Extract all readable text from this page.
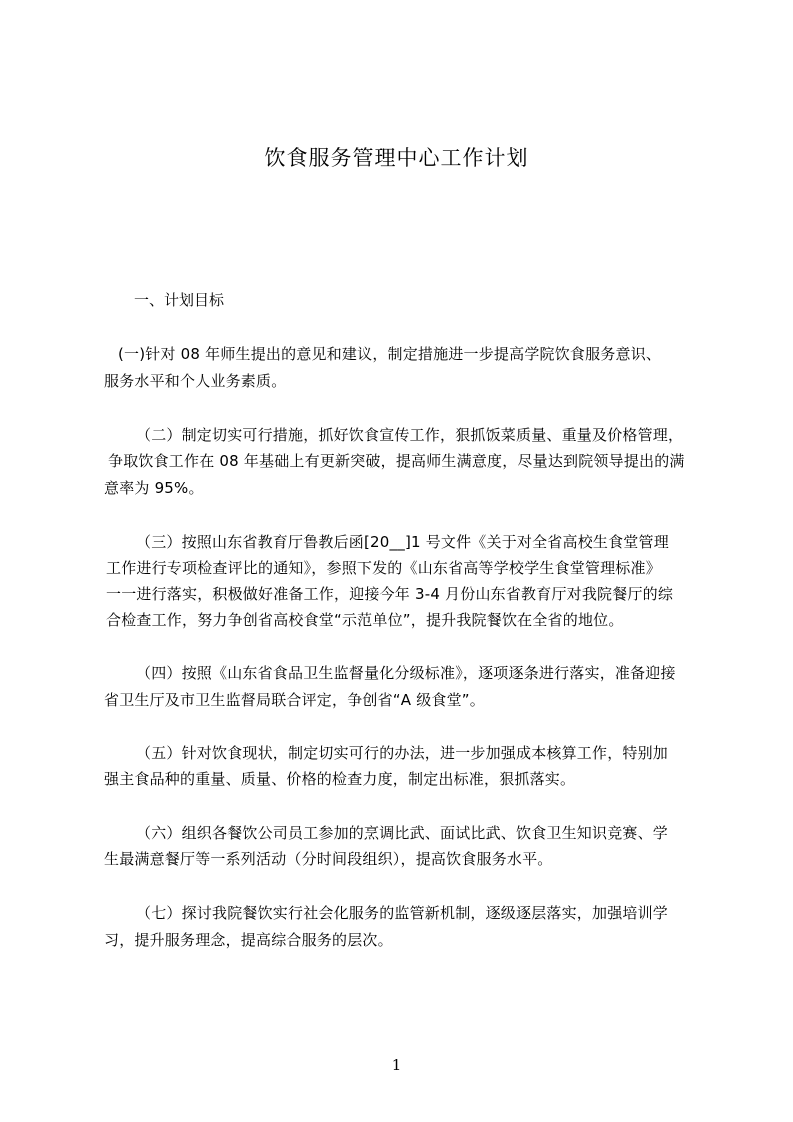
饮食服务管理中心工作计划
一、计划目标
(一)针对 08 年师生提出的意见和建议，制定措施进一步提高学院饮食服务意识、
服务水平和个人业务素质。
（二）制定切实可行措施，抓好饮食宣传工作，狠抓饭菜质量、重量及价格管理，
争取饮食工作在 08 年基础上有更新突破，提高师生满意度，尽量达到院领导提出的满
意率为 95%。
（三）按照山东省教育厅鲁教后函[20__]1 号文件《关于对全省高校生食堂管理
工作进行专项检查评比的通知》，参照下发的《山东省高等学校学生食堂管理标准》
一一进行落实，积极做好准备工作，迎接今年 3-4 月份山东省教育厅对我院餐厅的综
合检查工作，努力争创省高校食堂“示范单位”，提升我院餐饮在全省的地位。
（四）按照《山东省食品卫生监督量化分级标准》，逐项逐条进行落实，准备迎接
省卫生厅及市卫生监督局联合评定，争创省“A 级食堂”。
（五）针对饮食现状，制定切实可行的办法，进一步加强成本核算工作，特别加
强主食品种的重量、质量、价格的检查力度，制定出标准，狠抓落实。
（六）组织各餐饮公司员工参加的烹调比武、面试比武、饮食卫生知识竞赛、学
生最满意餐厅等一系列活动（分时间段组织），提高饮食服务水平。
（七）探讨我院餐饮实行社会化服务的监管新机制，逐级逐层落实，加强培训学
习，提升服务理念，提高综合服务的层次。
1
